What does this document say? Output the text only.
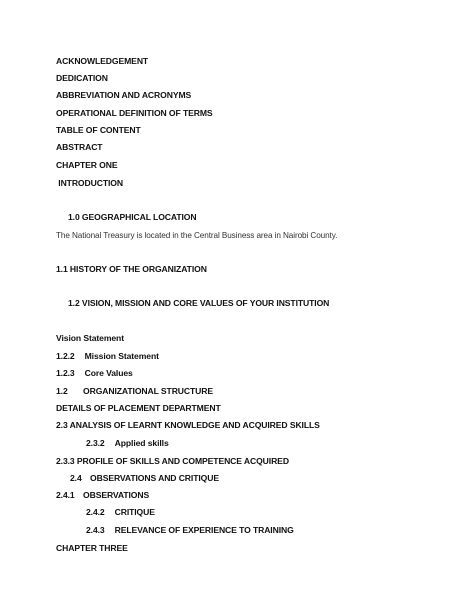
ACKNOWLEDGEMENT
DEDICATION
ABBREVIATION AND ACRONYMS
OPERATIONAL DEFINITION OF TERMS
TABLE OF CONTENT
ABSTRACT
CHAPTER ONE
INTRODUCTION
1.0 GEOGRAPHICAL LOCATION
The National Treasury is located in the Central Business area in Nairobi County.
1.1 HISTORY OF THE ORGANIZATION
1.2 VISION, MISSION AND CORE VALUES OF YOUR INSTITUTION
Vision Statement
1.2.2 Mission Statement
1.2.3 Core Values
1.2 ORGANIZATIONAL STRUCTURE
DETAILS OF PLACEMENT DEPARTMENT
2.3 ANALYSIS OF LEARNT KNOWLEDGE AND ACQUIRED SKILLS
2.3.2 Applied skills
2.3.3 PROFILE OF SKILLS AND COMPETENCE ACQUIRED
2.4 OBSERVATIONS AND CRITIQUE
2.4.1 OBSERVATIONS
2.4.2 CRITIQUE
2.4.3 RELEVANCE OF EXPERIENCE TO TRAINING
CHAPTER THREE
